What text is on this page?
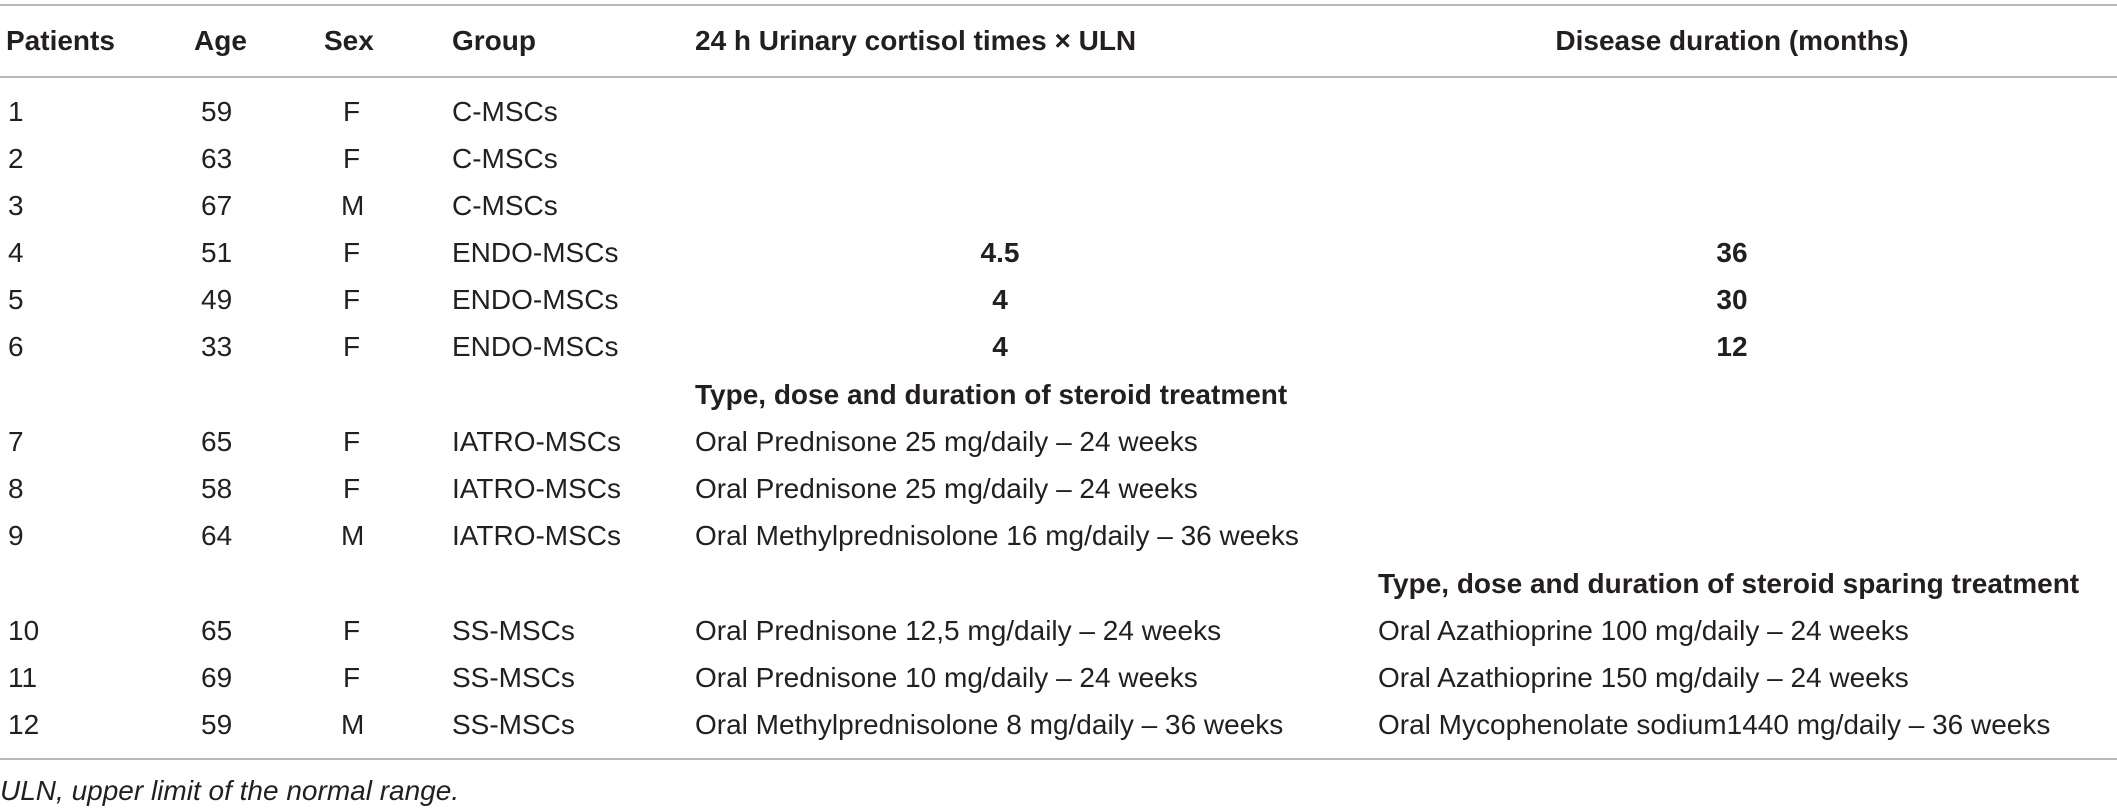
Patients	Age	Sex	Group	24 h Urinary cortisol times × ULN	Disease duration (months)
1	59	F	C-MSCs
2	63	F	C-MSCs
3	67	M	C-MSCs
4	51	F	ENDO-MSCs	4.5	36
5	49	F	ENDO-MSCs	4	30
6	33	F	ENDO-MSCs	4	12
Type, dose and duration of steroid treatment
7	65	F	IATRO-MSCs	Oral Prednisone 25 mg/daily – 24 weeks
8	58	F	IATRO-MSCs	Oral Prednisone 25 mg/daily – 24 weeks
9	64	M	IATRO-MSCs	Oral Methylprednisolone 16 mg/daily – 36 weeks
Type, dose and duration of steroid sparing treatment
10	65	F	SS-MSCs	Oral Prednisone 12,5 mg/daily – 24 weeks	Oral Azathioprine 100 mg/daily – 24 weeks
11	69	F	SS-MSCs	Oral Prednisone 10 mg/daily – 24 weeks	Oral Azathioprine 150 mg/daily – 24 weeks
12	59	M	SS-MSCs	Oral Methylprednisolone 8 mg/daily – 36 weeks	Oral Mycophenolate sodium1440 mg/daily – 36 weeks
ULN, upper limit of the normal range.
